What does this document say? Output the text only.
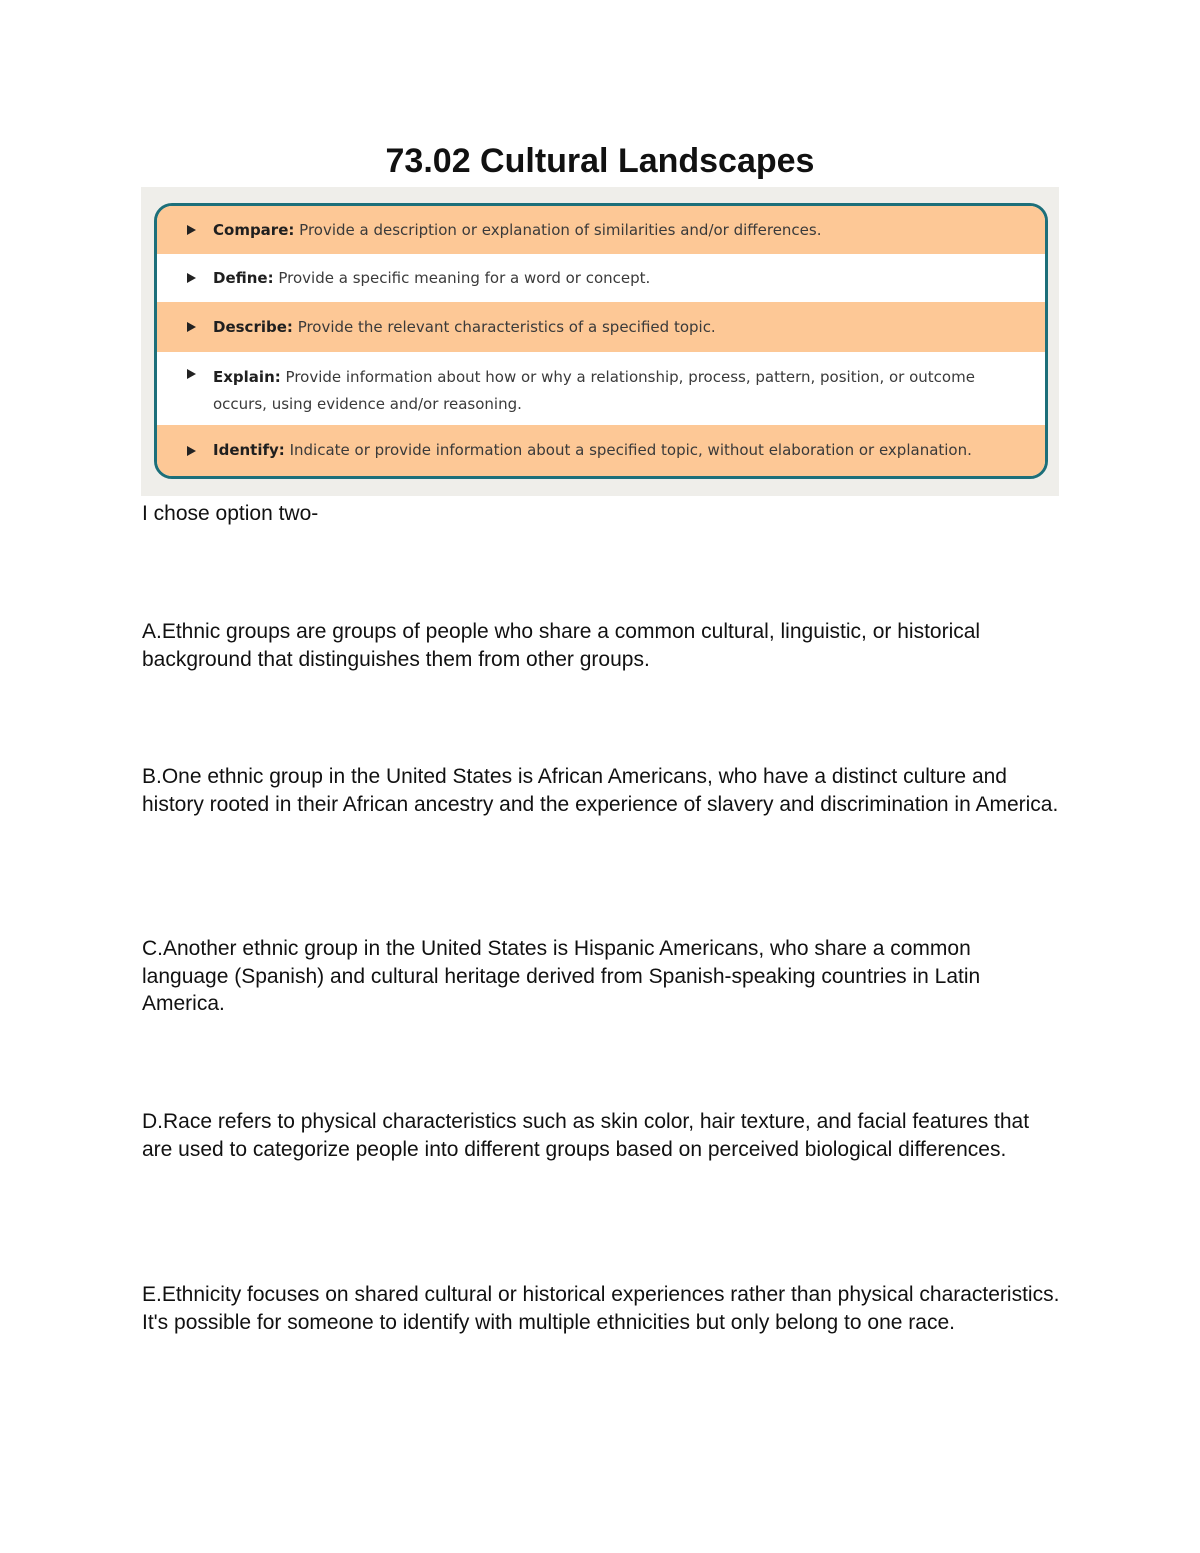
73.02 Cultural Landscapes
Compare: Provide a description or explanation of similarities and/or differences.
Define: Provide a specific meaning for a word or concept.
Describe: Provide the relevant characteristics of a specified topic.
Explain: Provide information about how or why a relationship, process, pattern, position, or outcome occurs, using evidence and/or reasoning.
Identify: Indicate or provide information about a specified topic, without elaboration or explanation.

I chose option two-

A.Ethnic groups are groups of people who share a common cultural, linguistic, or historical background that distinguishes them from other groups.

B.One ethnic group in the United States is African Americans, who have a distinct culture and history rooted in their African ancestry and the experience of slavery and discrimination in America.

C.Another ethnic group in the United States is Hispanic Americans, who share a common language (Spanish) and cultural heritage derived from Spanish-speaking countries in Latin America.

D.Race refers to physical characteristics such as skin color, hair texture, and facial features that are used to categorize people into different groups based on perceived biological differences.

E.Ethnicity focuses on shared cultural or historical experiences rather than physical characteristics. It's possible for someone to identify with multiple ethnicities but only belong to one race.
